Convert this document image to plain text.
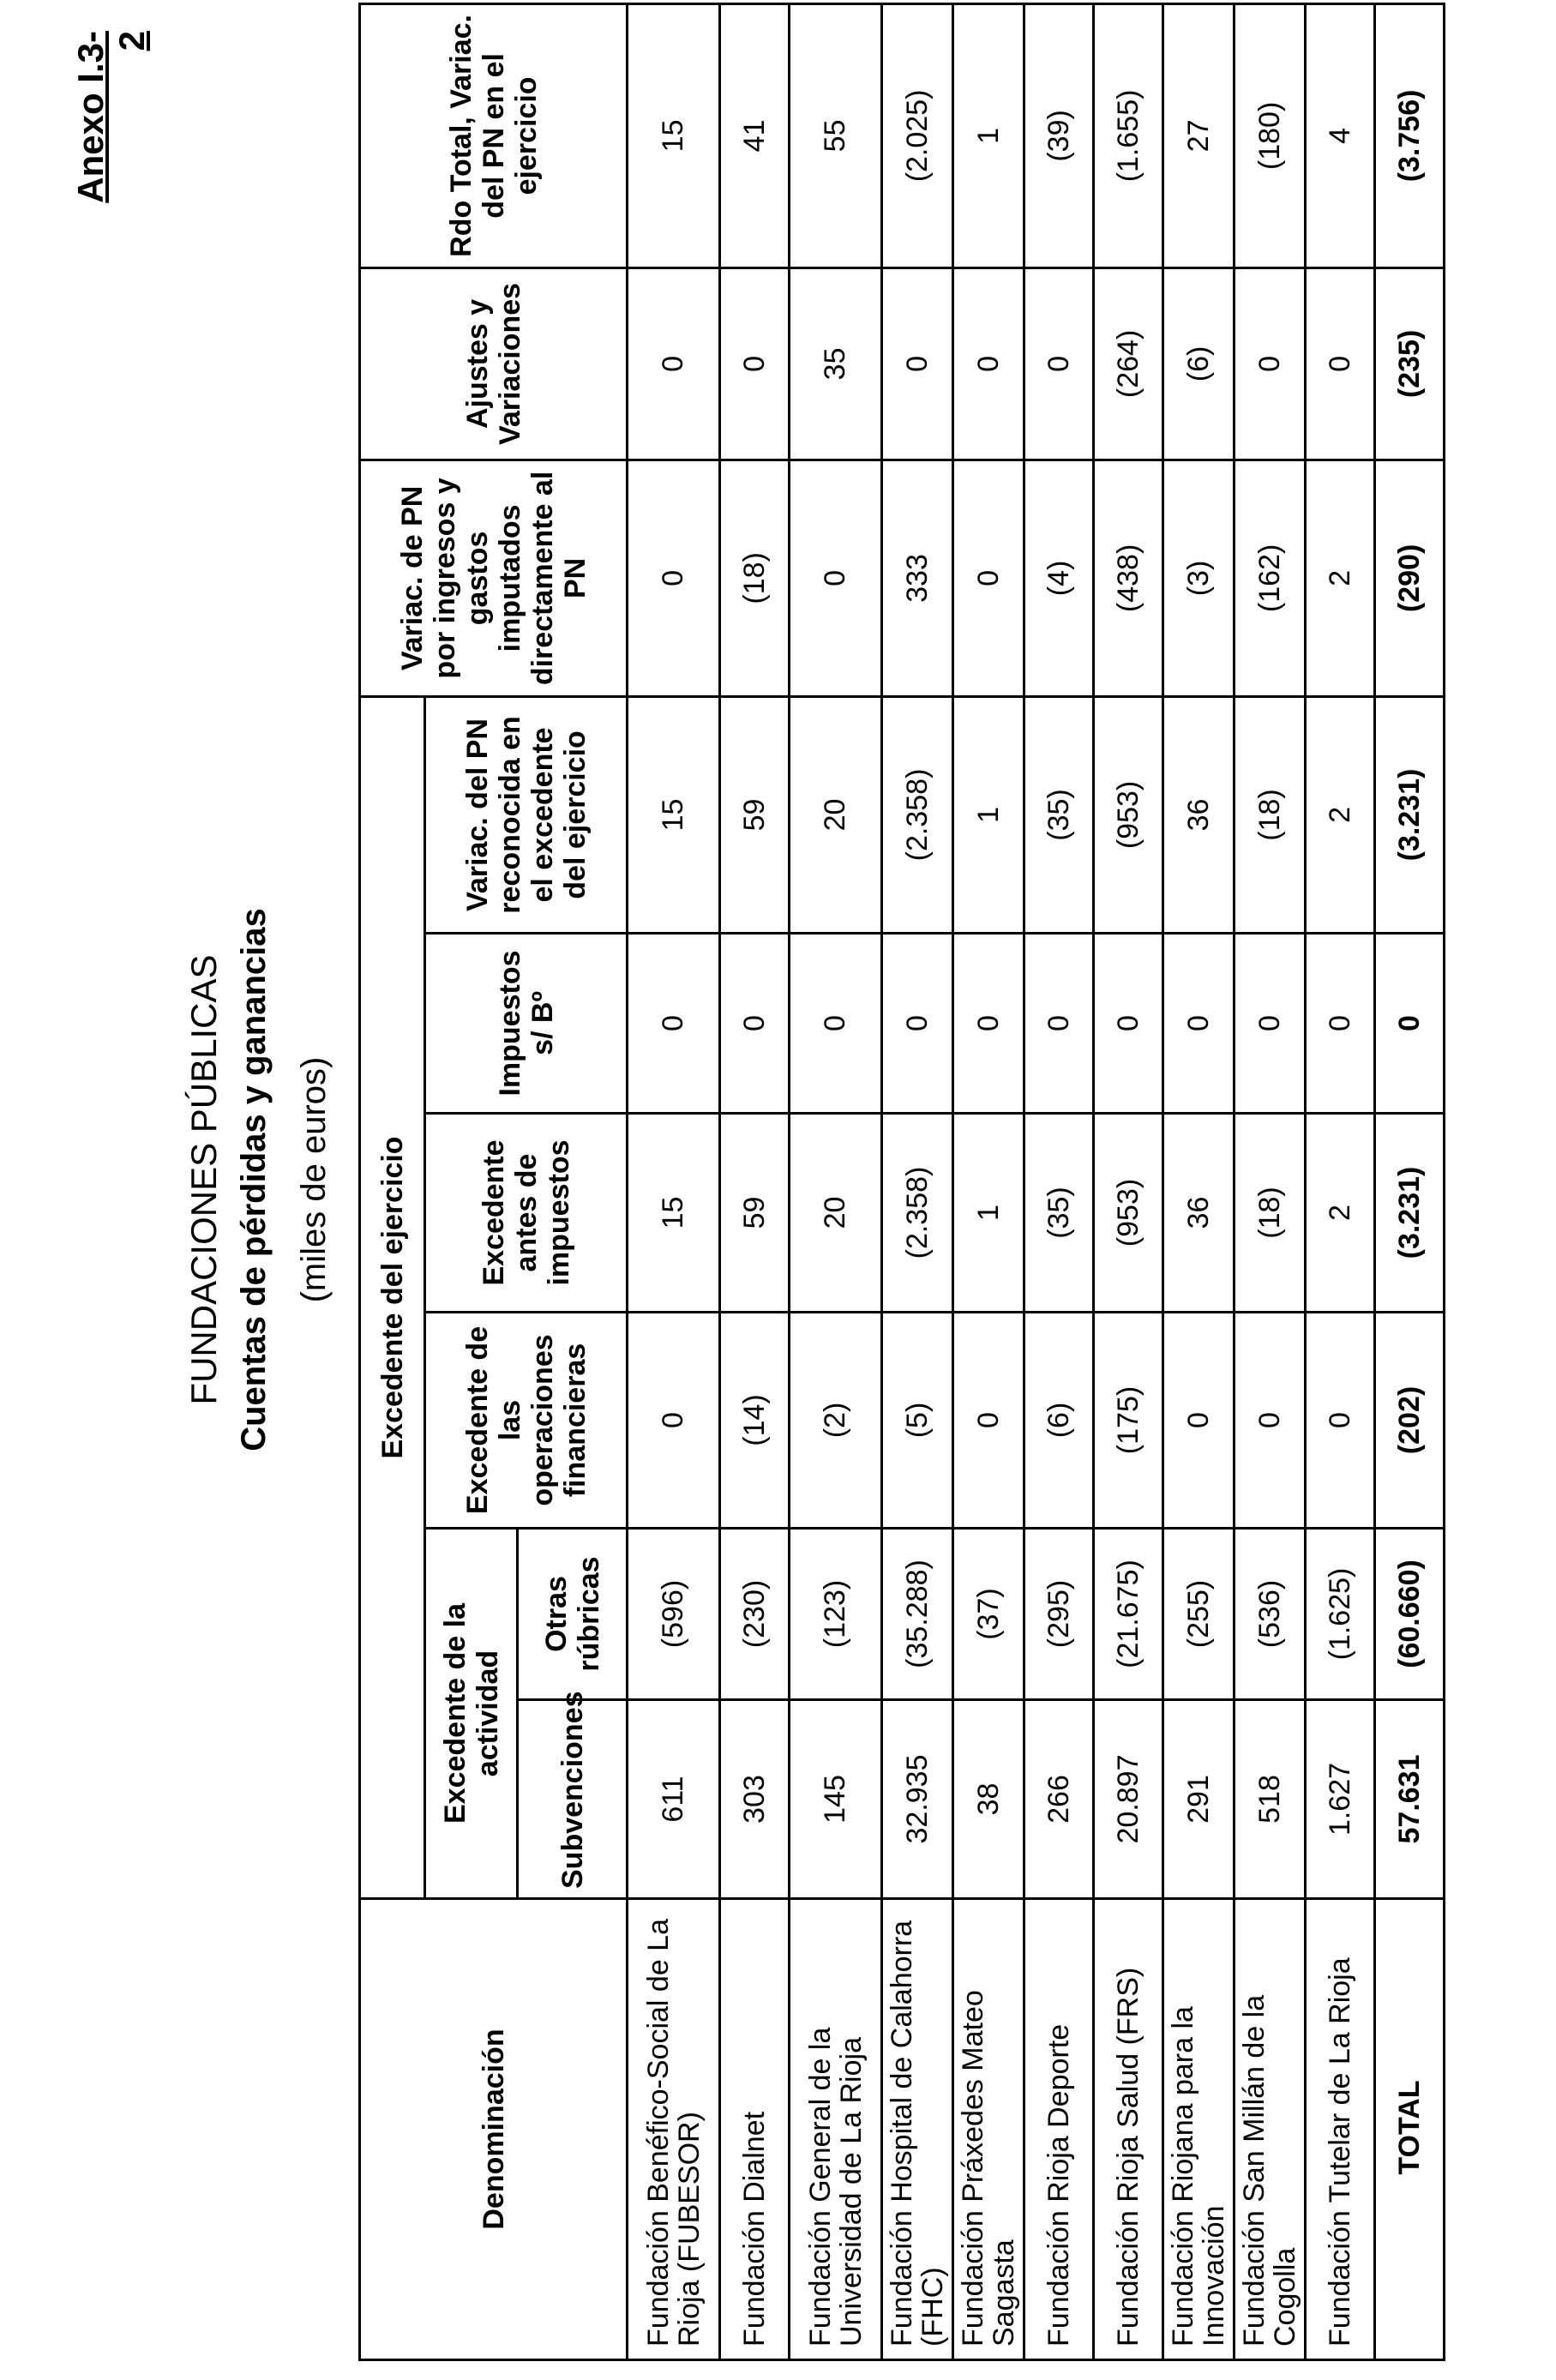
Anexo I.3-2
FUNDACIONES PÚBLICAS Cuentas de pérdidas y ganancias (miles de euros)
Denominación	Excedente del ejercicio						Variac. de PN por ingresos y gastos imputados directamente al PN	Ajustes y Variaciones	Rdo Total, Variac. del PN en el ejercicio
	Excedente de la actividad		Excedente de las operaciones financieras	Excedente antes de impuestos	Impuestos s/ Bº	Variac. del PN reconocida en el excedente del ejercicio			
	Subvenciones	Otras rúbricas							
Fundación Benéfico-Social de La Rioja (FUBESOR)	611	(596)	0	15	0	15	0	0	15
Fundación Dialnet	303	(230)	(14)	59	0	59	(18)	0	41
Fundación General de la Universidad de La Rioja	145	(123)	(2)	20	0	20	0	35	55
Fundación Hospital de Calahorra (FHC)	32.935	(35.288)	(5)	(2.358)	0	(2.358)	333	0	(2.025)
Fundación Práxedes Mateo Sagasta	38	(37)	0	1	0	1	0	0	1
Fundación Rioja Deporte	266	(295)	(6)	(35)	0	(35)	(4)	0	(39)
Fundación Rioja Salud (FRS)	20.897	(21.675)	(175)	(953)	0	(953)	(438)	(264)	(1.655)
Fundación Riojana para la Innovación	291	(255)	0	36	0	36	(3)	(6)	27
Fundación San Millán de la Cogolla	518	(536)	0	(18)	0	(18)	(162)	0	(180)
Fundación Tutelar de La Rioja	1.627	(1.625)	0	2	0	2	2	0	4
TOTAL	57.631	(60.660)	(202)	(3.231)	0	(3.231)	(290)	(235)	(3.756)
